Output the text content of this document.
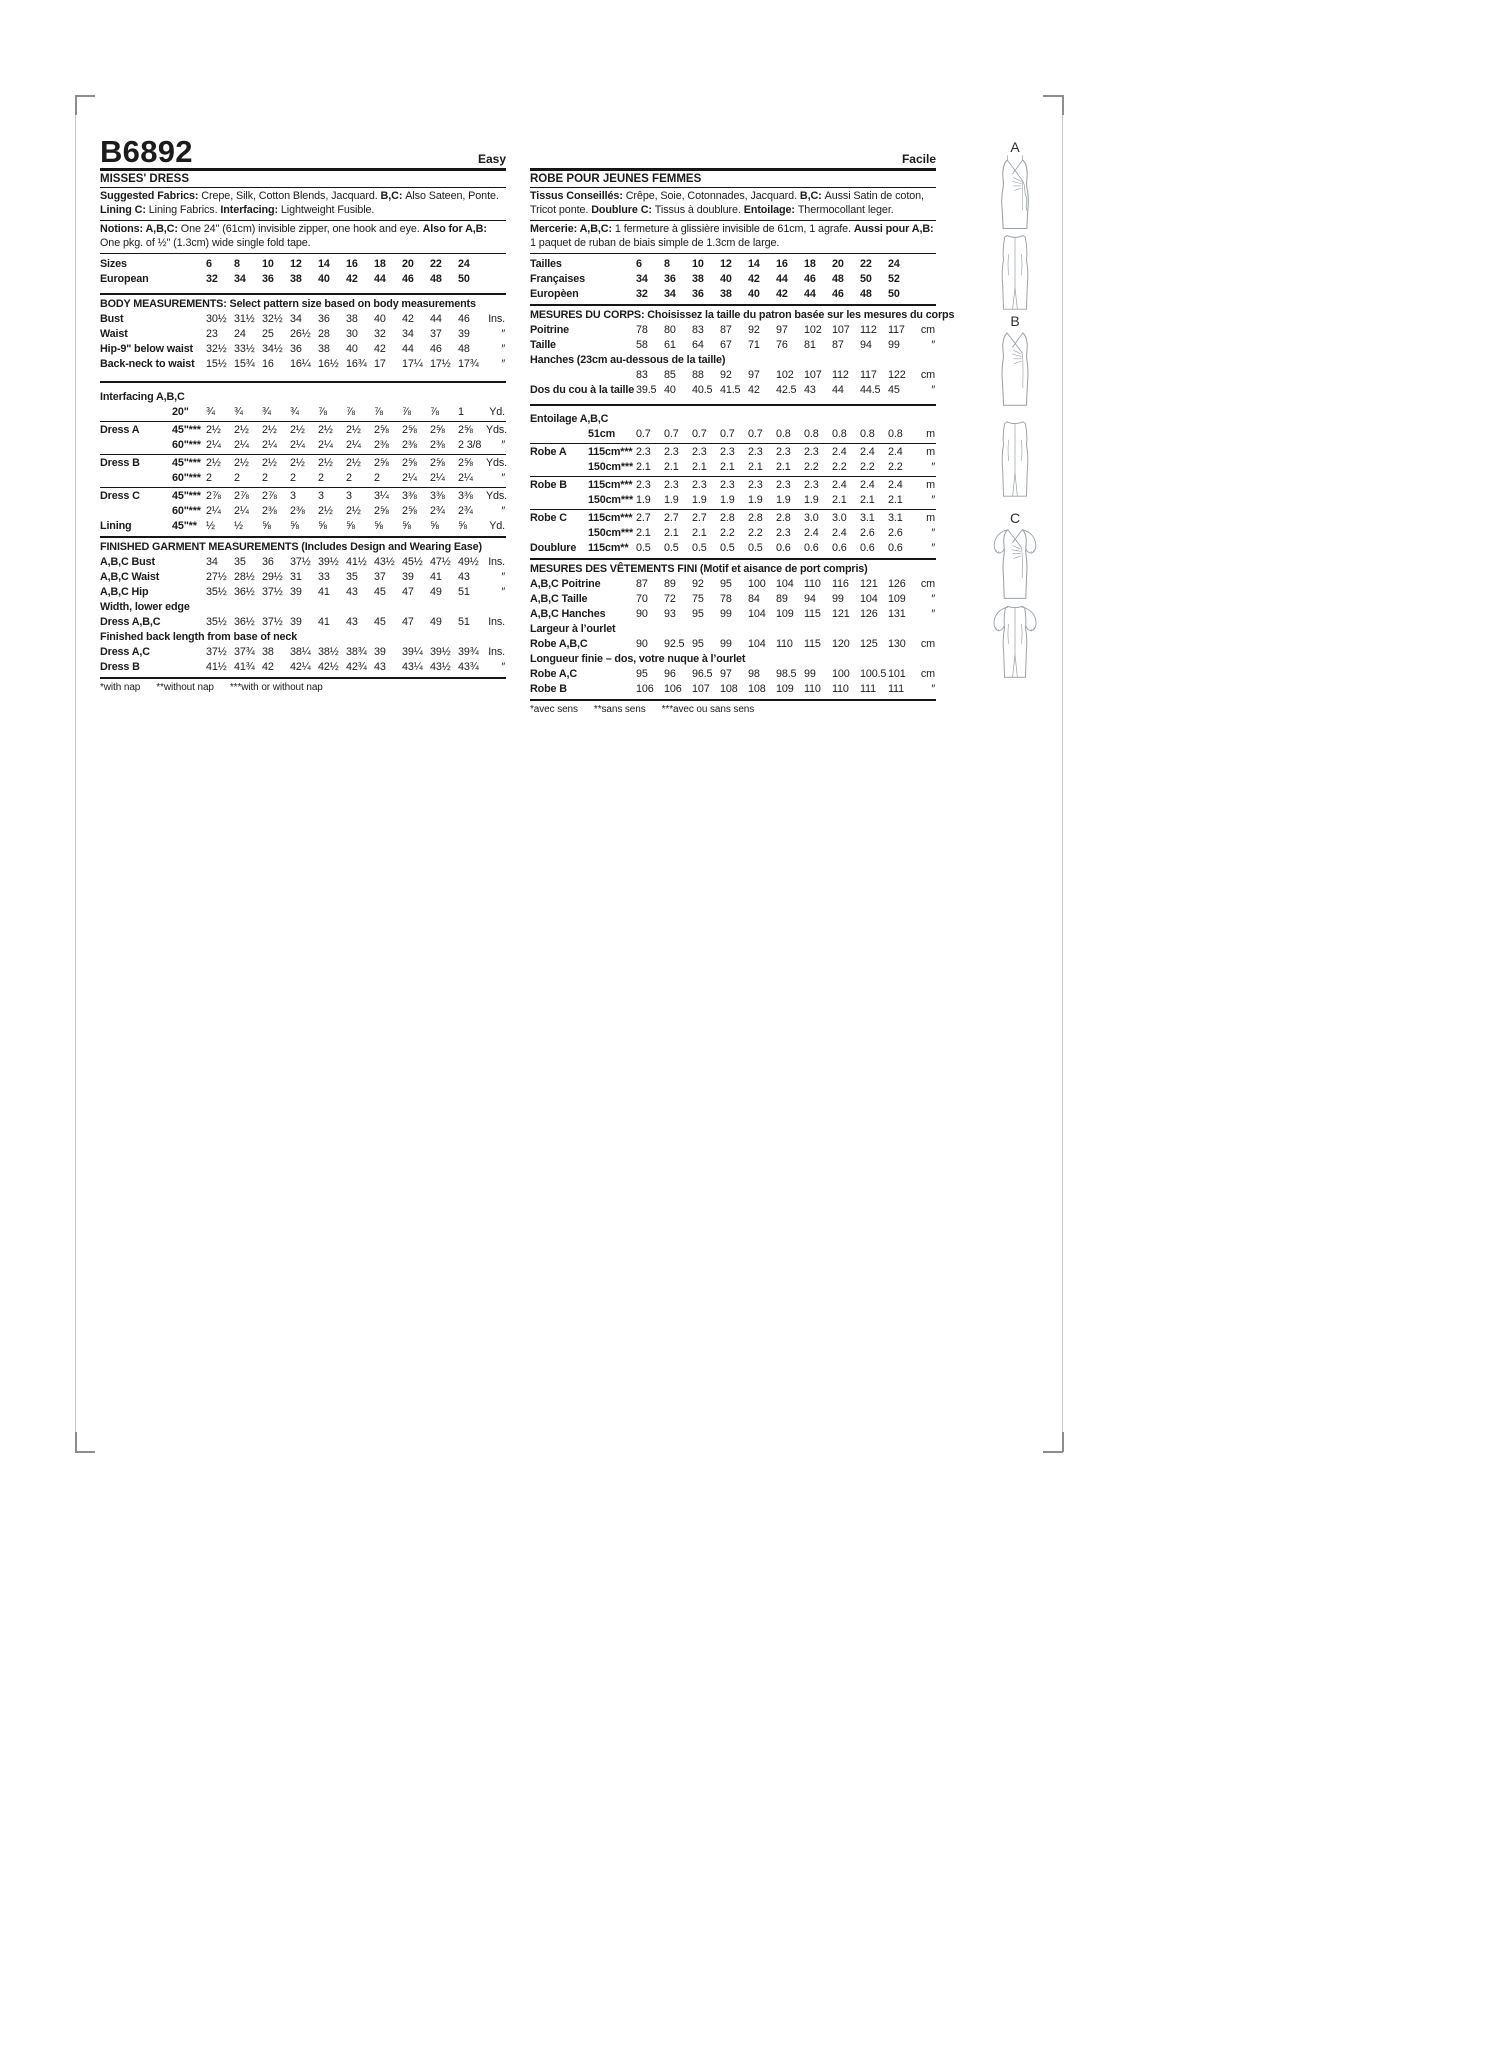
B6892	Easy
MISSES' DRESS
Suggested Fabrics: Crepe, Silk, Cotton Blends, Jacquard. B,C: Also Sateen, Ponte. Lining C: Lining Fabrics. Interfacing: Lightweight Fusible.
Notions: A,B,C: One 24" (61cm) invisible zipper, one hook and eye. Also for A,B: One pkg. of ½" (1.3cm) wide single fold tape.
Sizes	6	8	10	12	14	16	18	20	22	24
European	32	34	36	38	40	42	44	46	48	50
BODY MEASUREMENTS: Select pattern size based on body measurements
Bust	30½ 31½ 32½ 34	36	38	40	42	44	46	Ins.
Waist	23	24	25	26½ 28	30	32	34	37	39	″
Hip-9" below waist 32½ 33½ 34½ 36	38	40	42	44	46	48	″
Back-neck to waist 15½ 15¾ 16	16¼ 16½ 16¾ 17	17¼ 17½ 17¾	″
Interfacing A,B,C
20"	¾	¾	¾	¾	⅞	⅞	⅞	⅞	⅞	1	Yd.
Dress A	45"*** 2½	2½	2½	2½	2½	2½	2⅝	2⅝	2⅝	2⅝	Yds.
60"*** 2¼	2¼	2¼	2¼	2¼	2¼	2⅜	2⅜	2⅜	2 3/8	″
Dress B	45"*** 2½	2½	2½	2½	2½	2½	2⅝	2⅝	2⅝	2⅝	Yds.
60"*** 2	2	2	2	2	2	2	2¼	2¼	2¼	″
Dress C	45"*** 2⅞	2⅞	2⅞	3	3	3	3¼	3⅜	3⅜	3⅜	Yds.
60"*** 2¼	2¼	2⅜	2⅜	2½	2½	2⅝	2⅝	2¾	2¾	″
Lining	45"** ½	½	⅝	⅝	⅝	⅝	⅝	⅝	⅝	⅝	Yd.
FINISHED GARMENT MEASUREMENTS (Includes Design and Wearing Ease)
A,B,C Bust	34	35	36	37½ 39½ 41½ 43½ 45½ 47½ 49½ Ins.
A,B,C Waist	27½ 28½ 29½ 31	33	35	37	39	41	43	″
A,B,C Hip	35½ 36½ 37½ 39	41	43	45	47	49	51	″
Width, lower edge
Dress A,B,C	35½ 36½ 37½ 39	41	43	45	47	49	51	Ins.
Finished back length from base of neck
Dress A,C	37½ 37¾ 38	38¼ 38½ 38¾ 39	39¼ 39½ 39¾ Ins.
Dress B	41½ 41¾ 42	42¼ 42½ 42¾ 43	43¼ 43½ 43¾	″
*with nap **without nap ***with or without nap
Facile
ROBE POUR JEUNES FEMMES
Tissus Conseillés: Crêpe, Soie, Cotonnades, Jacquard. B,C: Aussi Satin de coton, Tricot ponte. Doublure C: Tissus à doublure. Entoilage: Thermocollant leger.
Mercerie: A,B,C: 1 fermeture à glissière invisible de 61cm, 1 agrafe. Aussi pour A,B: 1 paquet de ruban de biais simple de 1.3cm de large.
Tailles	6	8	10	12	14	16	18	20	22	24
Françaises	34	36	38	40	42	44	46	48	50	52
Europèen	32	34	36	38	40	42	44	46	48	50
MESURES DU CORPS: Choisissez la taille du patron basée sur les mesures du corps
Poitrine	78	80	83	87	92	97	102 107 112	117	cm
Taille	58	61	64	67	71	76	81	87	94	99	″
Hanches (23cm au-dessous de la taille)
83	85	88	92	97	102 107 112	117	122	cm
Dos du cou à la taille 39.5 40	40.5 41.5 42	42.5 43	44	44.5 45	″
Entoilage A,B,C
51cm	0.7	0.7	0.7	0.7	0.7	0.8	0.8	0.8	0.8	0.8	m
Robe A	115cm*** 2.3	2.3	2.3	2.3	2.3	2.3	2.3	2.4	2.4	2.4	m
150cm*** 2.1	2.1	2.1	2.1	2.1	2.1	2.2	2.2	2.2	2.2	″
Robe B	115cm*** 2.3	2.3	2.3	2.3	2.3	2.3	2.3	2.4	2.4	2.4	m
150cm*** 1.9	1.9	1.9	1.9	1.9	1.9	1.9	2.1	2.1	2.1	″
Robe C	115cm*** 2.7	2.7	2.7	2.8	2.8	2.8	3.0	3.0	3.1	3.1	m
150cm*** 2.1	2.1	2.1	2.2	2.2	2.3	2.4	2.4	2.6	2.6	″
Doublure	115cm** 0.5	0.5	0.5	0.5	0.5	0.6	0.6	0.6	0.6	0.6	″
MESURES DES VÊTEMENTS FINI (Motif et aisance de port compris)
A,B,C Poitrine	87	89	92	95	100 104 110	116	121 126	cm
A,B,C Taille	70	72	75	78	84	89	94	99	104 109	″
A,B,C Hanches	90	93	95	99	104 109 115	121 126 131	″
Largeur à l’ourlet
Robe A,B,C	90	92.5 95	99	104 110	115	120 125 130	cm
Longueur finie – dos, votre nuque à l’ourlet
Robe A,C	95	96	96.5 97	98	98.5 99	100 100.5 101	cm
Robe B	106 106 107 108 108 109 110	110	111	111	″
*avec sens **sans sens ***avec ou sans sens
A
B
C
